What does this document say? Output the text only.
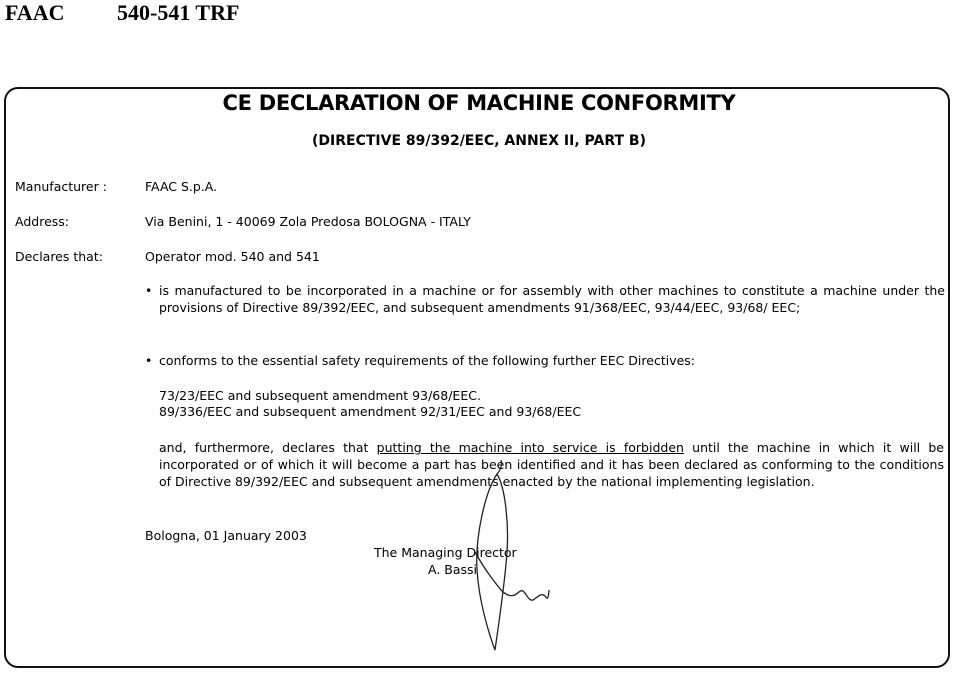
FAAC 540-541 TRF
CE DECLARATION OF MACHINE CONFORMITY
(DIRECTIVE 89/392/EEC, ANNEX II, PART B)
Manufacturer :	FAAC S.p.A.
Address:	Via Benini, 1 - 40069 Zola Predosa BOLOGNA - ITALY
Declares that:	Operator mod. 540 and 541
• is manufactured to be incorporated in a machine or for assembly with other machines to constitute a machine under the provisions of Directive 89/392/EEC, and subsequent amendments 91/368/EEC, 93/44/EEC, 93/68/ EEC;
• conforms to the essential safety requirements of the following further EEC Directives:
73/23/EEC and subsequent amendment 93/68/EEC.
89/336/EEC and subsequent amendment 92/31/EEC and 93/68/EEC
and, furthermore, declares that putting the machine into service is forbidden until the machine in which it will be incorporated or of which it will become a part has been identified and it has been declared as conforming to the conditions of Directive 89/392/EEC and subsequent amendments enacted by the national implementing legislation.
Bologna, 01 January 2003
The Managing Director
A. Bassi
